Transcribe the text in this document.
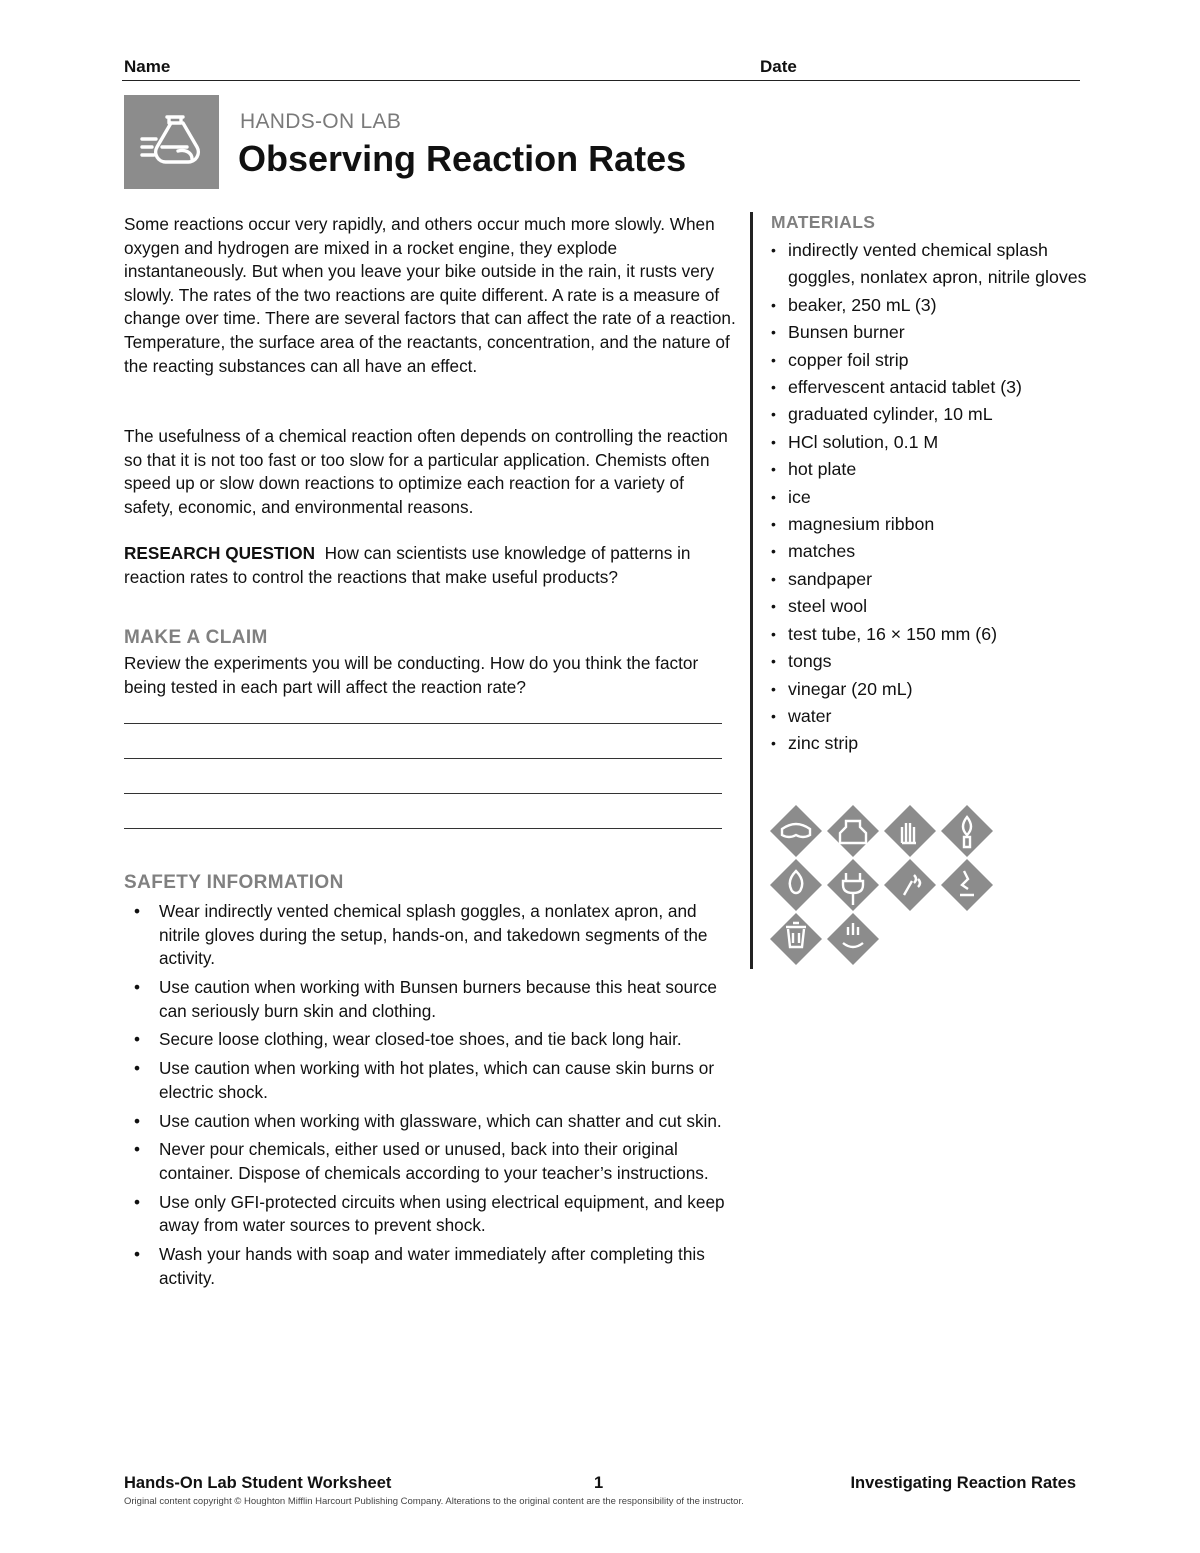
Name	Date
HANDS-ON LAB
Observing Reaction Rates

Some reactions occur very rapidly, and others occur much more slowly. When oxygen and hydrogen are mixed in a rocket engine, they explode instantaneously. But when you leave your bike outside in the rain, it rusts very slowly. The rates of the two reactions are quite different. A rate is a measure of change over time. There are several factors that can affect the rate of a reaction. Temperature, the surface area of the reactants, concentration, and the nature of the reacting substances can all have an effect.

The usefulness of a chemical reaction often depends on controlling the reaction so that it is not too fast or too slow for a particular application. Chemists often speed up or slow down reactions to optimize each reaction for a variety of safety, economic, and environmental reasons.

RESEARCH QUESTION How can scientists use knowledge of patterns in reaction rates to control the reactions that make useful products?

MAKE A CLAIM

Review the experiments you will be conducting. How do you think the factor being tested in each part will affect the reaction rate?

SAFETY INFORMATION
• Wear indirectly vented chemical splash goggles, a nonlatex apron, and nitrile gloves during the setup, hands-on, and takedown segments of the activity.
• Use caution when working with Bunsen burners because this heat source can seriously burn skin and clothing.
• Secure loose clothing, wear closed-toe shoes, and tie back long hair.
• Use caution when working with hot plates, which can cause skin burns or electric shock.
• Use caution when working with glassware, which can shatter and cut skin.
• Never pour chemicals, either used or unused, back into their original container. Dispose of chemicals according to your teacher’s instructions.
• Use only GFI-protected circuits when using electrical equipment, and keep away from water sources to prevent shock.
• Wash your hands with soap and water immediately after completing this activity.
MATERIALS
• indirectly vented chemical splash goggles, nonlatex apron, nitrile gloves
• beaker, 250 mL (3)
• Bunsen burner
• copper foil strip
• effervescent antacid tablet (3)
• graduated cylinder, 10 mL
• HCl solution, 0.1 M
• hot plate
• ice
• magnesium ribbon
• matches
• sandpaper
• steel wool
• test tube, 16 × 150 mm (6)
• tongs
• vinegar (20 mL)
• water
• zinc strip
Hands-On Lab Student Worksheet	1	Investigating Reaction Rates
Original content copyright © Houghton Mifflin Harcourt Publishing Company. Alterations to the original content are the responsibility of the instructor.
